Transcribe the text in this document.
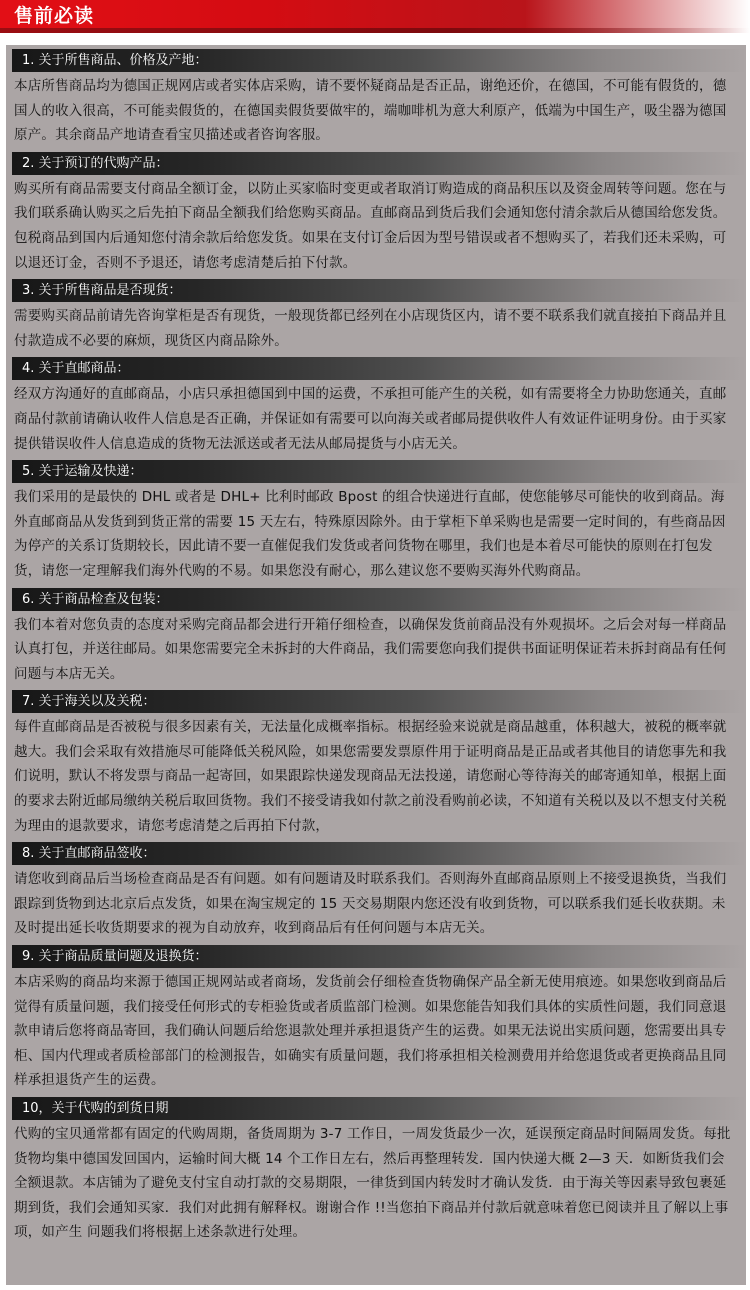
售前必读
1. 关于所售商品、价格及产地：
本店所售商品均为德国正规网店或者实体店采购，请不要怀疑商品是否正品，谢绝还价，在德国，不可能有假货的，德国人的收入很高，不可能卖假货的，在德国卖假货要做牢的，端咖啡机为意大利原产，低端为中国生产，吸尘器为德国原产。其余商品产地请查看宝贝描述或者咨询客服。
2. 关于预订的代购产品：
购买所有商品需要支付商品全额订金，以防止买家临时变更或者取消订购造成的商品积压以及资金周转等问题。您在与我们联系确认购买之后先拍下商品全额我们给您购买商品。直邮商品到货后我们会通知您付清余款后从德国给您发货。包税商品到国内后通知您付清余款后给您发货。如果在支付订金后因为型号错误或者不想购买了，若我们还未采购，可以退还订金，否则不予退还，请您考虑清楚后拍下付款。
3. 关于所售商品是否现货：
需要购买商品前请先咨询掌柜是否有现货，一般现货都已经列在小店现货区内，请不要不联系我们就直接拍下商品并且付款造成不必要的麻烦，现货区内商品除外。
4. 关于直邮商品：
经双方沟通好的直邮商品，小店只承担德国到中国的运费，不承担可能产生的关税，如有需要将全力协助您通关，直邮商品付款前请确认收件人信息是否正确，并保证如有需要可以向海关或者邮局提供收件人有效证件证明身份。由于买家提供错误收件人信息造成的货物无法派送或者无法从邮局提货与小店无关。
5. 关于运输及快递：
我们采用的是最快的 DHL 或者是 DHL+ 比利时邮政 Bpost 的组合快递进行直邮，使您能够尽可能快的收到商品。海外直邮商品从发货到到货正常的需要 15 天左右，特殊原因除外。由于掌柜下单采购也是需要一定时间的，有些商品因为停产的关系订货期较长，因此请不要一直催促我们发货或者问货物在哪里，我们也是本着尽可能快的原则在打包发货，请您一定理解我们海外代购的不易。如果您没有耐心，那么建议您不要购买海外代购商品。
6. 关于商品检查及包装：
我们本着对您负责的态度对采购完商品都会进行开箱仔细检查，以确保发货前商品没有外观损坏。之后会对每一样商品认真打包，并送往邮局。如果您需要完全未拆封的大件商品，我们需要您向我们提供书面证明保证若未拆封商品有任何问题与本店无关。
7. 关于海关以及关税：
每件直邮商品是否被税与很多因素有关，无法量化成概率指标。根据经验来说就是商品越重，体积越大，被税的概率就越大。我们会采取有效措施尽可能降低关税风险，如果您需要发票原件用于证明商品是正品或者其他目的请您事先和我们说明，默认不将发票与商品一起寄回，如果跟踪快递发现商品无法投递，请您耐心等待海关的邮寄通知单，根据上面的要求去附近邮局缴纳关税后取回货物。我们不接受请我如付款之前没看购前必读，不知道有关税以及以不想支付关税为理由的退款要求，请您考虑清楚之后再拍下付款，
8. 关于直邮商品签收：
请您收到商品后当场检查商品是否有问题。如有问题请及时联系我们。否则海外直邮商品原则上不接受退换货，当我们跟踪到货物到达北京后点发货，如果在淘宝规定的 15 天交易期限内您还没有收到货物，可以联系我们延长收获期。未及时提出延长收货期要求的视为自动放弃，收到商品后有任何问题与本店无关。
9. 关于商品质量问题及退换货：
本店采购的商品均来源于德国正规网站或者商场，发货前会仔细检查货物确保产品全新无使用痕迹。如果您收到商品后觉得有质量问题，我们接受任何形式的专柜验货或者质监部门检测。如果您能告知我们具体的实质性问题，我们同意退款申请后您将商品寄回，我们确认问题后给您退款处理并承担退货产生的运费。如果无法说出实质问题，您需要出具专柜、国内代理或者质检部部门的检测报告，如确实有质量问题，我们将承担相关检测费用并给您退货或者更换商品且同样承担退货产生的运费。
10，关于代购的到货日期
代购的宝贝通常都有固定的代购周期，备货周期为 3-7 工作日，一周发货最少一次，延误预定商品时间隔周发货。每批货物均集中德国发回国内，运输时间大概 14 个工作日左右，然后再整理转发．国内快递大概 2—3 天．如断货我们会全额退款。本店铺为了避免支付宝自动打款的交易期限，一律货到国内转发时才确认发货．由于海关等因素导致包裹延期到货，我们会通知买家．我们对此拥有解释权。谢谢合作 !!当您拍下商品并付款后就意味着您已阅读并且了解以上事项，如产生 问题我们将根据上述条款进行处理。
